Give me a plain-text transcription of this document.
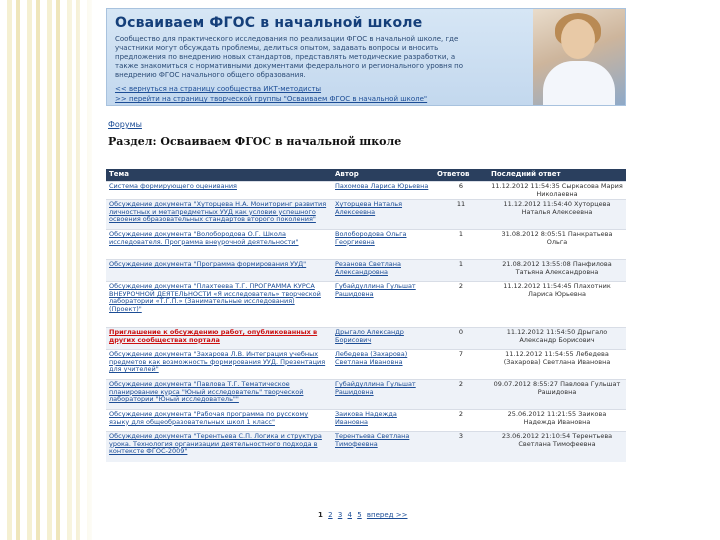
Осваиваем ФГОС в начальной школе
Сообщество для практического исследования по реализации ФГОС в начальной школе, где участники могут обсуждать проблемы, делиться опытом, задавать вопросы и вносить предложения по внедрению новых стандартов, представлять методические разработки, а также знакомиться с нормативными документами федерального и регионального уровня по внедрению ФГОС начального общего образования.
<< вернуться на страницу сообщества ИКТ-методисты
>> перейти на страницу творческой группы "Осваиваем ФГОС в начальной школе"
Форумы
Раздел: Осваиваем ФГОС в начальной школе
Тема	Автор	Ответов	Последний ответ
Система формирующего оценивания	Пахомова Лариса Юрьевна	6	11.12.2012 11:54:35 Сыркасова Мария Николаевна
Обсуждение документа "Хуторцева Н.А. Мониторинг развития личностных и метапредметных УУД как условие успешного освоения образовательных стандартов второго поколения"	Хуторцева Наталья Алексеевна	11	11.12.2012 11:54:40 Хуторцева Наталья Алексеевна
Обсуждение документа "Волобородова О.Г. Школа исследователя. Программа внеурочной деятельности"	Волобородова Ольга Георгиевна	1	31.08.2012 8:05:51 Панкратьева Ольга
Обсуждение документа "Программа формирования УУД"	Резанова Светлана Александровна	1	21.08.2012 13:55:08 Панфилова Татьяна Александровна
Обсуждение документа "Плахтеева Т.Г. ПРОГРАММА КУРСА ВНЕУРОЧНОЙ ДЕЯТЕЛЬНОСТИ «Я исследователь» творческой лаборатории «Т.Г.П.» (Занимательные исследования) (Проект)"	Губайдуллина Гульшат Рашидовна	2	11.12.2012 11:54:45 Плахотник Лариса Юрьевна
Приглашение к обсуждению работ, опубликованных в других сообществах портала	Дрыгало Александр Борисович	0	11.12.2012 11:54:50 Дрыгало Александр Борисович
Обсуждение документа "Захарова Л.В. Интеграция учебных предметов как возможность формирования УУД. Презентация для учителей"	Лебедева (Захарова) Светлана Ивановна	7	11.12.2012 11:54:55 Лебедева (Захарова) Светлана Ивановна
Обсуждение документа "Павлова Т.Г. Тематическое планирование курса "Юный исследователь" творческой лаборатории "Юный исследователь""	Губайдуллина Гульшат Рашидовна	2	09.07.2012 8:55:27 Павлова Гульшат Рашидовна
Обсуждение документа "Рабочая программа по русскому языку для общеобразовательных школ 1 класс"	Заикова Надежда Ивановна	2	25.06.2012 11:21:55 Заикова Надежда Ивановна
Обсуждение документа "Терентьева С.П. Логика и структура урока. Технология организации деятельностного подхода в контексте ФГОС-2009"	Терентьева Светлана Тимофеевна	3	23.06.2012 21:10:54 Терентьева Светлана Тимофеевна
1 2 3 4 5 вперед >>
